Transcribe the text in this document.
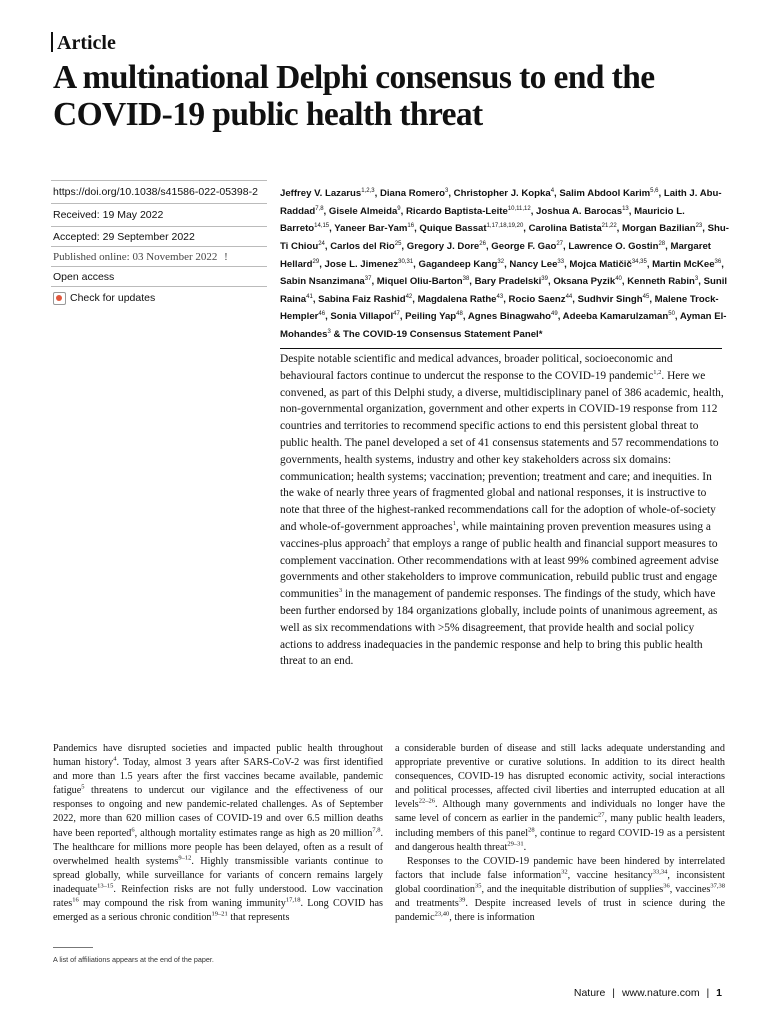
Article
A multinational Delphi consensus to end the COVID-19 public health threat
https://doi.org/10.1038/s41586-022-05398-2
Received: 19 May 2022
Accepted: 29 September 2022
Published online: 03 November 2022 !
Open access
Check for updates
Jeffrey V. Lazarus$^{1,2,3}$, Diana Romero$^3$, Christopher J. Kopka$^4$, Salim Abdool Karim$^{5,6}$, Laith J. Abu-Raddad$^{7,8}$, Gisele Almeida$^9$, Ricardo Baptista-Leite$^{10,11,12}$, Joshua A. Barocas$^{13}$, Mauricio L. Barreto$^{14,15}$, Yaneer Bar-Yam$^{16}$, Quique Bassat$^{1,17,18,19,20}$, Carolina Batista$^{21,22}$, Morgan Bazilian$^{23}$, Shu-Ti Chiou$^{24}$, Carlos del Rio$^{25}$, Gregory J. Dore$^{26}$, George F. Gao$^{27}$, Lawrence O. Gostin$^{28}$, Margaret Hellard$^{29}$, Jose L. Jimenez$^{30,31}$, Gagandeep Kang$^{32}$, Nancy Lee$^{33}$, Mojca Matičič$^{34,35}$, Martin McKee$^{36}$, Sabin Nsanzimana$^{37}$, Miquel Oliu-Barton$^{38}$, Bary Pradelski$^{39}$, Oksana Pyzik$^{40}$, Kenneth Rabin$^3$, Sunil Raina$^{41}$, Sabina Faiz Rashid$^{42}$, Magdalena Rathe$^{43}$, Rocio Saenz$^{44}$, Sudhvir Singh$^{45}$, Malene Trock-Hempler$^{46}$, Sonia Villapol$^{47}$, Peiling Yap$^{48}$, Agnes Binagwaho$^{49}$, Adeeba Kamarulzaman$^{50}$, Ayman El-Mohandes$^3$ & The COVID-19 Consensus Statement Panel*
Despite notable scientific and medical advances, broader political, socioeconomic and behavioural factors continue to undercut the response to the COVID-19 pandemic$^{1,2}$. Here we convened, as part of this Delphi study, a diverse, multidisciplinary panel of 386 academic, health, non-governmental organization, government and other experts in COVID-19 response from 112 countries and territories to recommend specific actions to end this persistent global threat to public health. The panel developed a set of 41 consensus statements and 57 recommendations to governments, health systems, industry and other key stakeholders across six domains: communication; health systems; vaccination; prevention; treatment and care; and inequities. In the wake of nearly three years of fragmented global and national responses, it is instructive to note that three of the highest-ranked recommendations call for the adoption of whole-of-society and whole-of-government approaches$^1$, while maintaining proven prevention measures using a vaccines-plus approach$^2$ that employs a range of public health and financial support measures to complement vaccination. Other recommendations with at least 99% combined agreement advise governments and other stakeholders to improve communication, rebuild public trust and engage communities$^3$ in the management of pandemic responses. The findings of the study, which have been further endorsed by 184 organizations globally, include points of unanimous agreement, as well as six recommendations with >5% disagreement, that provide health and social policy actions to address inadequacies in the pandemic response and help to bring this public health threat to an end.

Pandemics have disrupted societies and impacted public health throughout human history$^4$. Today, almost 3 years after SARS-CoV-2 was first identified and more than 1.5 years after the first vaccines became available, pandemic fatigue$^5$ threatens to undercut our vigilance and the effectiveness of our responses to ongoing and new pandemic-related challenges. As of September 2022, more than 620 million cases of COVID-19 and over 6.5 million deaths have been reported$^6$, although mortality estimates range as high as 20 million$^{7,8}$. The healthcare for millions more people has been delayed, often as a result of overwhelmed health systems$^{9-12}$. Highly transmissible variants continue to spread globally, while surveillance for variants of concern remains largely inadequate$^{13-15}$. Reinfection risks are not fully understood. Low vaccination rates$^{16}$ may compound the risk from waning immunity$^{17,18}$. Long COVID has emerged as a serious chronic condition$^{19-21}$ that represents

a considerable burden of disease and still lacks adequate understanding and appropriate preventive or curative solutions. In addition to its direct health consequences, COVID-19 has disrupted economic activity, social interactions and political processes, affected civil liberties and interrupted education at all levels$^{22-26}$. Although many governments and individuals no longer have the same level of concern as earlier in the pandemic$^{27}$, many public health leaders, including members of this panel$^{28}$, continue to regard COVID-19 as a persistent and dangerous health threat$^{29-31}$.

Responses to the COVID-19 pandemic have been hindered by interrelated factors that include false information$^{32}$, vaccine hesitancy$^{33,34}$, inconsistent global coordination$^{35}$, and the inequitable distribution of supplies$^{36}$, vaccines$^{37,38}$ and treatments$^{39}$. Despite increased levels of trust in science during the pandemic$^{23,40}$, there is information

A list of affiliations appears at the end of the paper.
Nature | www.nature.com | 1
